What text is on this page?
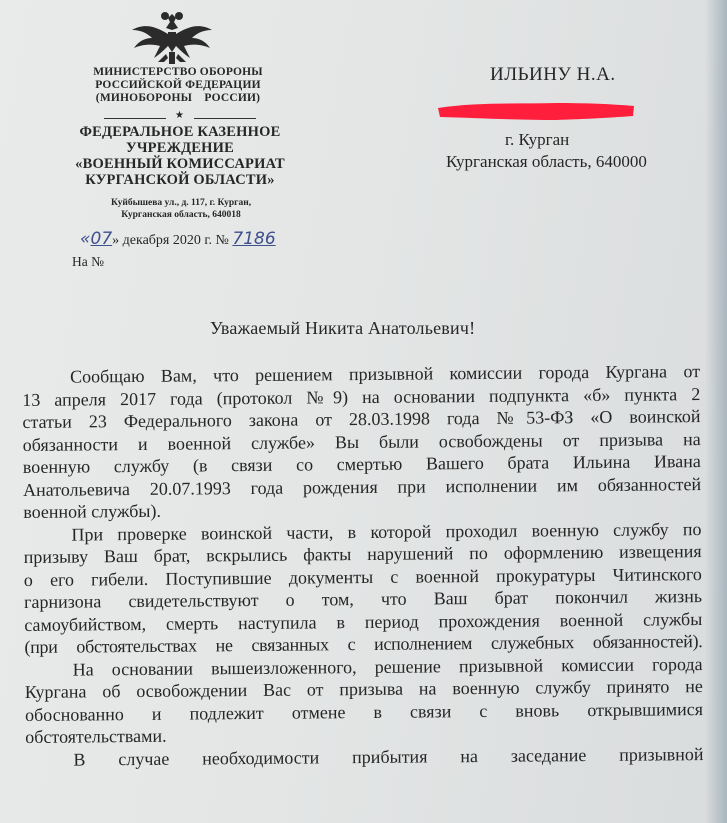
МИНИСТЕРСТВО ОБОРОНЫ
РОССИЙСКОЙ ФЕДЕРАЦИИ
(МИНОБОРОНЫ    РОССИИ)
★
ФЕДЕРАЛЬНОЕ КАЗЕННОЕ
УЧРЕЖДЕНИЕ
«ВОЕННЫЙ КОМИССАРИАТ
КУРГАНСКОЙ ОБЛАСТИ»
Куйбышева ул., д. 117, г. Курган,
Курганская область, 640018
«07» декабря 2020 г. № 7186
На №
ИЛЬИНУ Н.А.
г. Курган
Курганская область, 640000
Уважаемый Никита Анатольевич!
Сообщаю Вам, что решением призывной комиссии города Кургана от
13 апреля 2017 года (протокол №9) на основании подпункта «б» пункта 2
статьи 23 Федерального закона от 28.03.1998 года №53-ФЗ «О воинской
обязанности и военной службе» Вы были освобождены от призыва на
военную службу (в связи со смертью Вашего брата Ильина Ивана
Анатольевича 20.07.1993 года рождения при исполнении им обязанностей
военной службы).
При проверке воинской части, в которой проходил военную службу по
призыву Ваш брат, вскрылись факты нарушений по оформлению извещения
о его гибели. Поступившие документы с военной прокуратуры Читинского
гарнизона свидетельствуют о том, что Ваш брат покончил жизнь
самоубийством, смерть наступила в период прохождения военной службы
(при обстоятельствах не связанных с исполнением служебных обязанностей).
На основании вышеизложенного, решение призывной комиссии города
Кургана об освобождении Вас от призыва на военную службу принято не
обоснованно и подлежит отмене в связи с вновь открывшимися
обстоятельствами.
В случае необходимости прибытия на заседание призывной
